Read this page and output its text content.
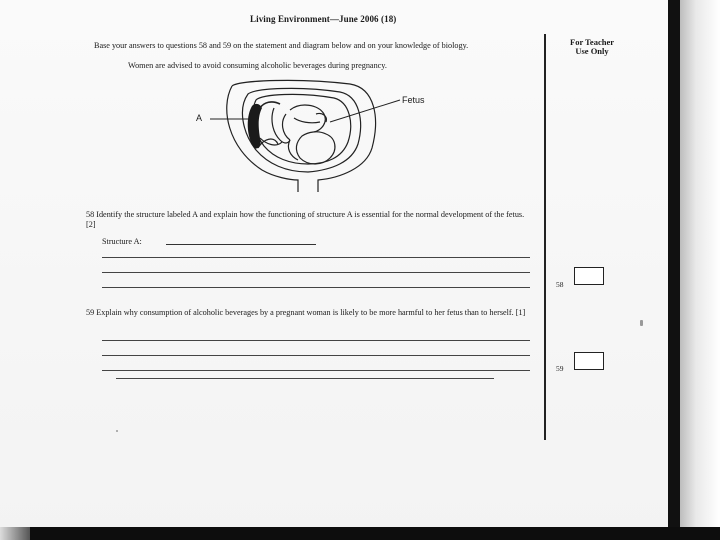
Living Environment—June 2006 (18)
For Teacher
Use Only
Base your answers to questions 58 and 59 on the statement and diagram below and on your knowledge of biology.
Women are advised to avoid consuming alcoholic beverages during pregnancy.
A
Fetus
58 Identify the structure labeled A and explain how the functioning of structure A is essential for the normal development of the fetus. [2]
Structure A:
58
59 Explain why consumption of alcoholic beverages by a pregnant woman is likely to be more harmful to her fetus than to herself. [1]
59
